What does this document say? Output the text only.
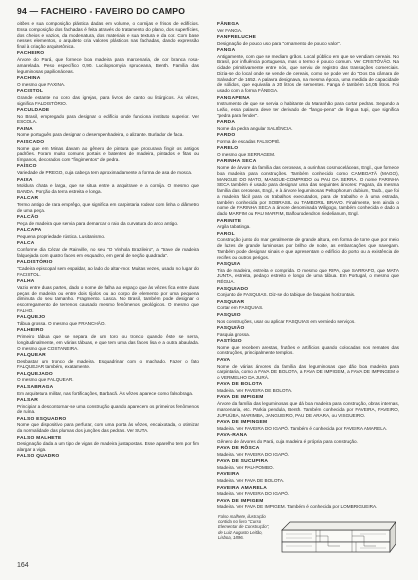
94 — FACHEIRO - FAVEIRO DO CAMPO
oitões e sua composição plástica dadas em volume, o cornijas e frisos de edifícios. Essa composição dos fachadas é feita através do tratamento do plano, dos superfícies, dos cheios e vazios, da modenatura, dos materiais e sua textura e da cor. Com base nesses elementos, o arquiteto cria valores plásticos nas fachadas, dando expressão final à criação arquitetônica.
FACHEIRO
Árvore do Pará, que fornece boa madeira para marcenaria, de cor branca rosa-amarelada. Peso específico 0,90. Lucilopsomyia spruceana, Benth. Família das leguminosas papilionáceas.
FACHINA
O mesmo que FAXINA.
FACISTOL
Grande estante no coro das igrejas, para livros de canto ou litúrgicos. Às vêzes, significa FALDISTÓRIO.
FACULDADE
No Brasil, empregado para designar o edifício onde funciona instituto superior. Ver ESCOLA.
FAINA
Nome português para designar o desempenhadeira, o alizante. Burlador de faca.
FAISCADO
Nome que em Minas davam ao gênero de pintura que procurava fingir os antigos padrões. Foram muito comuns portais e batentes de madeira, pintados e fitas ou tímpanos, decorados com "fingimentos" de pedra.
FAÍSCO
Variedade de PREGO, cuja cabeça tem aproximadamente a forma de asa de mosca.
FAIXA
Moldura chata e larga, que se situa entre a arquitrave e a cornija. O mesmo que BANDA. Porção da terra estreita e longa.
FALCAR
Termo antigo de rara emprêgo, que significa em carpintaria rodear com linha o diâmetro de uma peça.
FALCÃO
Peça de madeira que servia para demarcar o raio da curvatura do arco antigo.
FALCAPA
Pequena propriedade rústica. Lusitanismo.
FALCA
Conforme dia Cézar de Rainville, no seu "O Vinhola Brazileiro", a "trave de madeira falquejada com quatro faces em esquadro, em geral de seção quadrada".
FALDISTÓRIO
"Cadeira episcopal sem espaldar, ao lado do altar-mor. Muitas vezes, usado no lugar do FACISTOL.
FALHA
Vazio entre duas partes, dado o nome de falha ao espaço que às vêzes fica entre duas peças de madeira ou entre dois tijolos ou ao corpo de elemento por uma pequena diminuta do seu tamanho. Fragmento. Lasca. No Brasil, também pode designar o escorregamento de terrenos causado mesmo fenômenos geológicos. O mesmo que FALHO.
FALQUEJO
Tábua grossa. O mesmo que FRANCHÃO.
FALHEIRO
Primeiro tábua que se separa de um toro ou tronco quando êste se serra, longitudinalmente, em várias tábuas, e que tem uma das faces lisa e a outra abaulada. O mesmo que COSTANEIRA.
FALQUEAR
Desbastar um tronco de madeira. Esquadrinar com o machado. Fazer o fato FALQUEJAR também, exatamente.
FALQUEJADO
O mesmo que FALQUEAR.
FALSABRAGA
Em arquitetura militar, nas fortificações, Barbacã. Às vêzes aparece como falsobraga.
FALSAR
Principiar a descontornar-se uma construção quando aparecem os primeiros fenômenos de ruína.
FALSO ESQUADRO
Nome que dispositivo para perfurar, com uma porta às vêzes, encaixotada, o otimizar da normalidade das plumas dos junções das pedras. Ver SUTA.
FALSO MALHETE
Designação dada a um tipo de vigas de madeira justapostas. Esse aparelho tem por fim alargar a viga.
FALSO QUADRO
FÂNEGA
Ver FANGA.
FANFRELUCHE
Designação de pouco uso para "ornamento de pouco valor".
FANGA
Antigamente, com que se mediam grãos. Local público em que se vendiam cereais. No Brasil, por influência portuguesa, mas o termo é pouco comum. Ver CRISTÓVÃO. Na cidade primitivamente entre nós, que serviu de registro das transações comerciais. Dizia-se do local onde se vende de cereais, como se pode ver do "Dos Da câmara de Salvador" de 1652. A palavra designava, na mesma época, uma medida de capacidade de sólidos, que equivalia a 20 litros de sementes. Fanga é também 14,05 litros. Foi usado com a forma FÂNEGA.
FANGAPENA
Instrumento de que se servia o habitante do Maranhão para cortar pedras. Segundo a Leão, essa palavra deve ter derivado de "fango-pena" de língua tupi, que significa "pedra para fender".
FARDA
Nome da pedra angular SALIÊNCIA.
FARDO
Forma de escadas FALSOPIÉ.
FARELO
O mesmo que SERRAGEM.
FARINHA SECA
Nome de árvore da família das ceroseas, a ourinhas cosmoceláceas, Engl., que fornece boa madeira para construções. Também conhecido como CAMBOATÃ (MAGO), MANGUE DO MATO, MANGUE-COMPRIDO ou PAU DA SERRA. O nome FARINHA SECA também é usado para designar uma das seguintes árvores: Fagara, da mesma família das ceroseas, Engl., e à árvore leguminosas Peltophorum dubium, Taub., que foi a madeira fácil para os trabalhos executados, para de trabalho e à uma estrada, também conhecida por SOBRASIL ou TAMBORIL BRAVO. Finalmente, tem ainda o nome de FARINHA SECA a árvore denominada Wiligogo, também conhecida e dado a dado MARFIM ou PAU MARFIM, Balfourodendron riedelianum, Engl.
FARINITE
Argila tabatinga.
FAROL
Construção junto do mar geralmente de grande altura, em forma de torre que por meio de luzes de grande luminosas por brilho de noite, as embarcações que navegam. Também pode designar sinais e que apresentam o edifício do porto ou a existência de recifes ou outros perigos.
FASQUIA
Tira de madeira, estreita e comprida. O mesmo que RIPA, que SARRAFO, que MATA JUNTA, estreita, pedaço estreito e longo de uma tábua. Em Portugal, o mesmo que RÉGUA.
FASQUIADO
Conjunto de FASQUIAS. Diz-se do tabique de fasquias horizontais.
FASQUIAR
Cortar em FASQUIAS.
FASQUIO
Nos construções, usar ou aplicar FASQUIAS em verniedo serviços.
FASQUIÃO
Fasquia grossa.
FASTÍGIO
Nome que recebem arestas, frutões e artifícios quando colocadas nos remates das construções, principalmente templos.
FAVA
Nome de várias árvores da família das leguminosas que dão boa madeira para carpintaria, como a FAVA DE BOLOTA, a FAVA DE IMPIGEM, a FAVA DE IMPINGEM e o VERMELHO DA JURÁ.
FAVA DE BOLOTA
Madeira. Ver FAVEIRA DE BOLOTA.
FAVA DE IMPIGEM
Árvore da família das leguminosas que dá boa madeira para construção, obras internas, marcenaria, etc. Parkia pendula, Benth. Também conhecida por FAVEIRA, FAVEIRO, JUPUÚBA, MARIMBA, JANGUEIRO, PAU DE ARARA, ou VISGUEIRO.
FAVA DE IMPINGEM
Madeira. Ver FAVEIRA DO IGAPÓ. Também é conhecida por FAVEIRA AMARELA.
FAVA-RANA
Gênero de árvores do Pará, cuja madeira é própria para construção.
FAVA DE RÔSCA
Madeira. Ver FAVEIRA DO IGAPÓ.
FAVA DE SUCUPIRA
Madeira. Ver PAU-POMBO.
FAVEIRA
Madeira. Ver FAVA DE BOLOTA.
FAVEIRA AMARELA
Madeira. Ver FAVEIRA DO IGAPÓ.
FAVA DE IMPIGEM
Madeira. Ver FAVA DE IMPIGEM. Também é conhecida por LOMBRIGUEIRA.
Falso malhete, ilustração contida no livro "Curso Elementar de Construção", de Luiz Augusto Leitão, Lisboa, 1896.
164
